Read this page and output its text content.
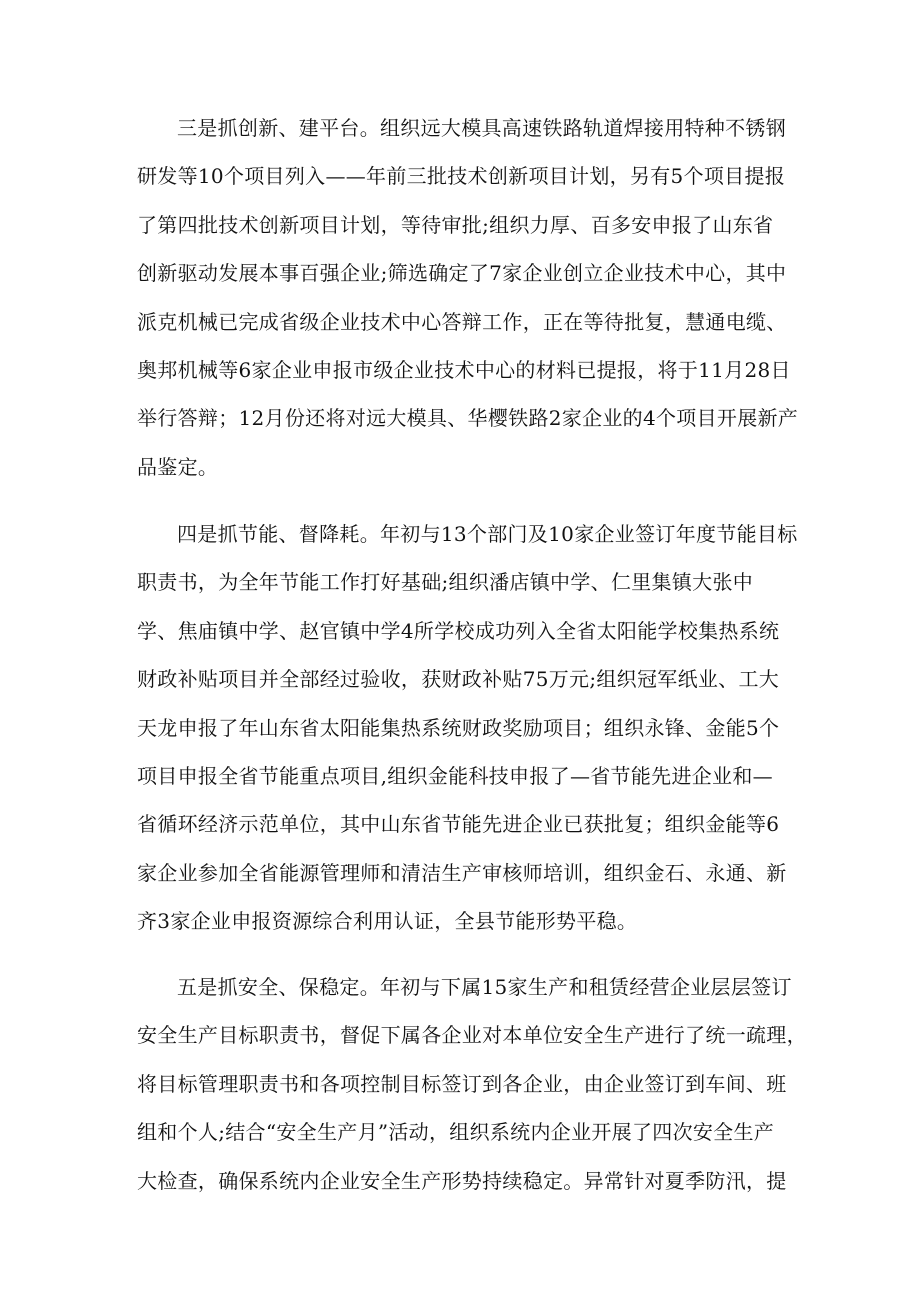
三是抓创新、建平台。组织远大模具高速铁路轨道焊接用特种不锈钢
研发等10个项目列入——年前三批技术创新项目计划，另有5个项目提报
了第四批技术创新项目计划，等待审批;组织力厚、百多安申报了山东省
创新驱动发展本事百强企业;筛选确定了7家企业创立企业技术中心，其中
派克机械已完成省级企业技术中心答辩工作，正在等待批复，慧通电缆、
奥邦机械等6家企业申报市级企业技术中心的材料已提报，将于11月28日
举行答辩；12月份还将对远大模具、华樱铁路2家企业的4个项目开展新产
品鉴定。
四是抓节能、督降耗。年初与13个部门及10家企业签订年度节能目标
职责书，为全年节能工作打好基础;组织潘店镇中学、仁里集镇大张中
学、焦庙镇中学、赵官镇中学4所学校成功列入全省太阳能学校集热系统
财政补贴项目并全部经过验收，获财政补贴75万元;组织冠军纸业、工大
天龙申报了年山东省太阳能集热系统财政奖励项目；组织永锋、金能5个
项目申报全省节能重点项目,组织金能科技申报了—省节能先进企业和—
省循环经济示范单位，其中山东省节能先进企业已获批复；组织金能等6
家企业参加全省能源管理师和清洁生产审核师培训，组织金石、永通、新
齐3家企业申报资源综合利用认证，全县节能形势平稳。
五是抓安全、保稳定。年初与下属15家生产和租赁经营企业层层签订
安全生产目标职责书，督促下属各企业对本单位安全生产进行了统一疏理，
将目标管理职责书和各项控制目标签订到各企业，由企业签订到车间、班
组和个人;结合“安全生产月”活动，组织系统内企业开展了四次安全生产
大检查，确保系统内企业安全生产形势持续稳定。异常针对夏季防汛，提
